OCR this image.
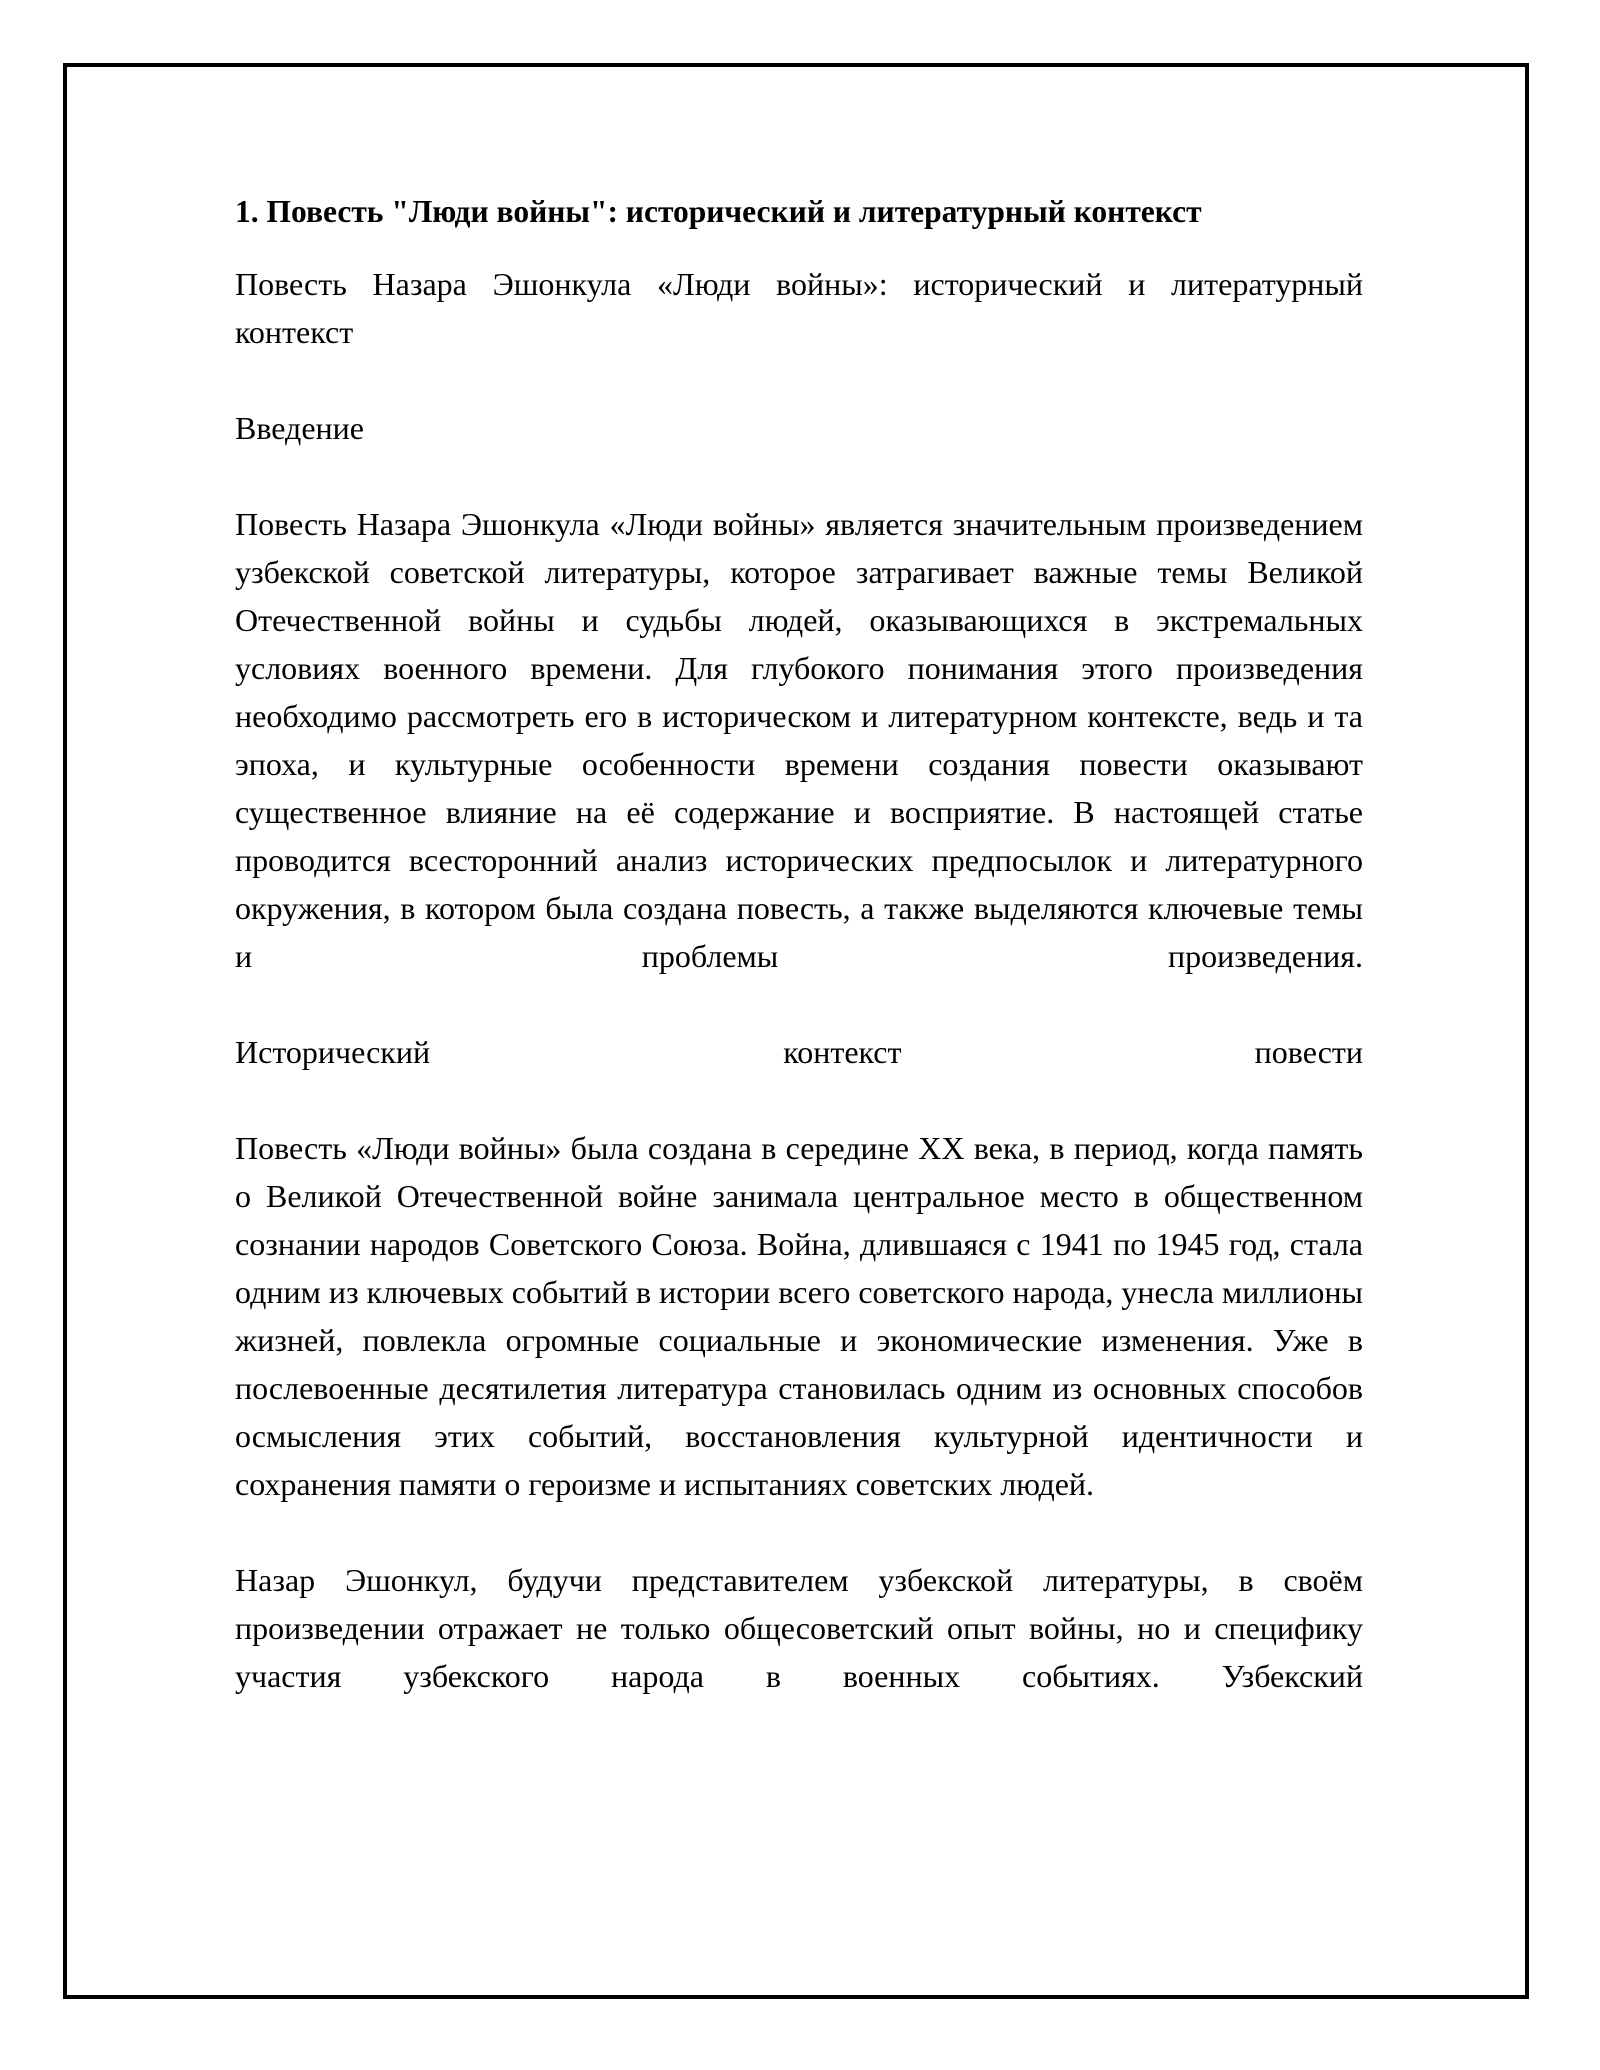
1. Повесть "Люди войны": исторический и литературный контекст

Повесть Назара Эшонкула «Люди войны»: исторический и литературный контекст

Введение

Повесть Назара Эшонкула «Люди войны» является значительным произведением узбекской советской литературы, которое затрагивает важные темы Великой Отечественной войны и судьбы людей, оказывающихся в экстремальных условиях военного времени. Для глубокого понимания этого произведения необходимо рассмотреть его в историческом и литературном контексте, ведь и та эпоха, и культурные особенности времени создания повести оказывают существенное влияние на её содержание и восприятие. В настоящей статье проводится всесторонний анализ исторических предпосылок и литературного окружения, в котором была создана повесть, а также выделяются ключевые темы и проблемы произведения.

Исторический контекст повести

Повесть «Люди войны» была создана в середине XX века, в период, когда память о Великой Отечественной войне занимала центральное место в общественном сознании народов Советского Союза. Война, длившаяся с 1941 по 1945 год, стала одним из ключевых событий в истории всего советского народа, унесла миллионы жизней, повлекла огромные социальные и экономические изменения. Уже в послевоенные десятилетия литература становилась одним из основных способов осмысления этих событий, восстановления культурной идентичности и сохранения памяти о героизме и испытаниях советских людей.

Назар Эшонкул, будучи представителем узбекской литературы, в своём произведении отражает не только общесоветский опыт войны, но и специфику участия узбекского народа в военных событиях. Узбекский
